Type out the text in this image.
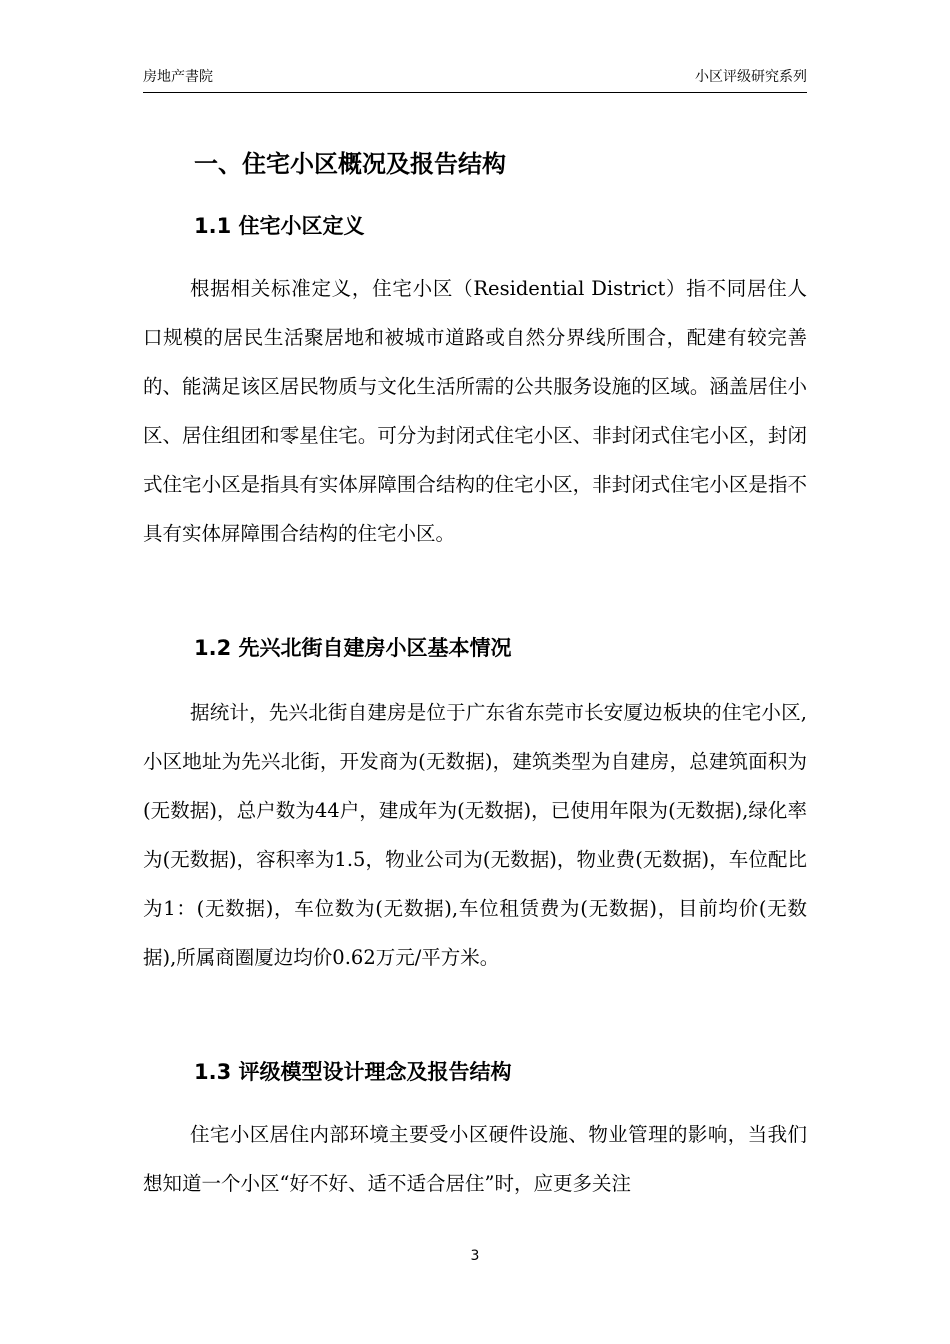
房地产書院	小区评级研究系列
一、住宅小区概况及报告结构
1.1 住宅小区定义

根据相关标准定义，住宅小区（Residential District）指不同居住人口规模的居民生活聚居地和被城市道路或自然分界线所围合，配建有较完善的、能满足该区居民物质与文化生活所需的公共服务设施的区域。涵盖居住小区、居住组团和零星住宅。可分为封闭式住宅小区、非封闭式住宅小区，封闭式住宅小区是指具有实体屏障围合结构的住宅小区，非封闭式住宅小区是指不具有实体屏障围合结构的住宅小区。

1.2 先兴北街自建房小区基本情况

据统计，先兴北街自建房是位于广东省东莞市长安厦边板块的住宅小区,小区地址为先兴北街，开发商为(无数据)，建筑类型为自建房，总建筑面积为(无数据)，总户数为44户，建成年为(无数据)，已使用年限为(无数据),绿化率为(无数据)，容积率为1.5，物业公司为(无数据)，物业费(无数据)，车位配比为1：(无数据)，车位数为(无数据),车位租赁费为(无数据)，目前均价(无数据),所属商圈厦边均价0.62万元/平方米。

1.3 评级模型设计理念及报告结构

住宅小区居住内部环境主要受小区硬件设施、物业管理的影响，当我们想知道一个小区“好不好、适不适合居住”时，应更多关注

3
